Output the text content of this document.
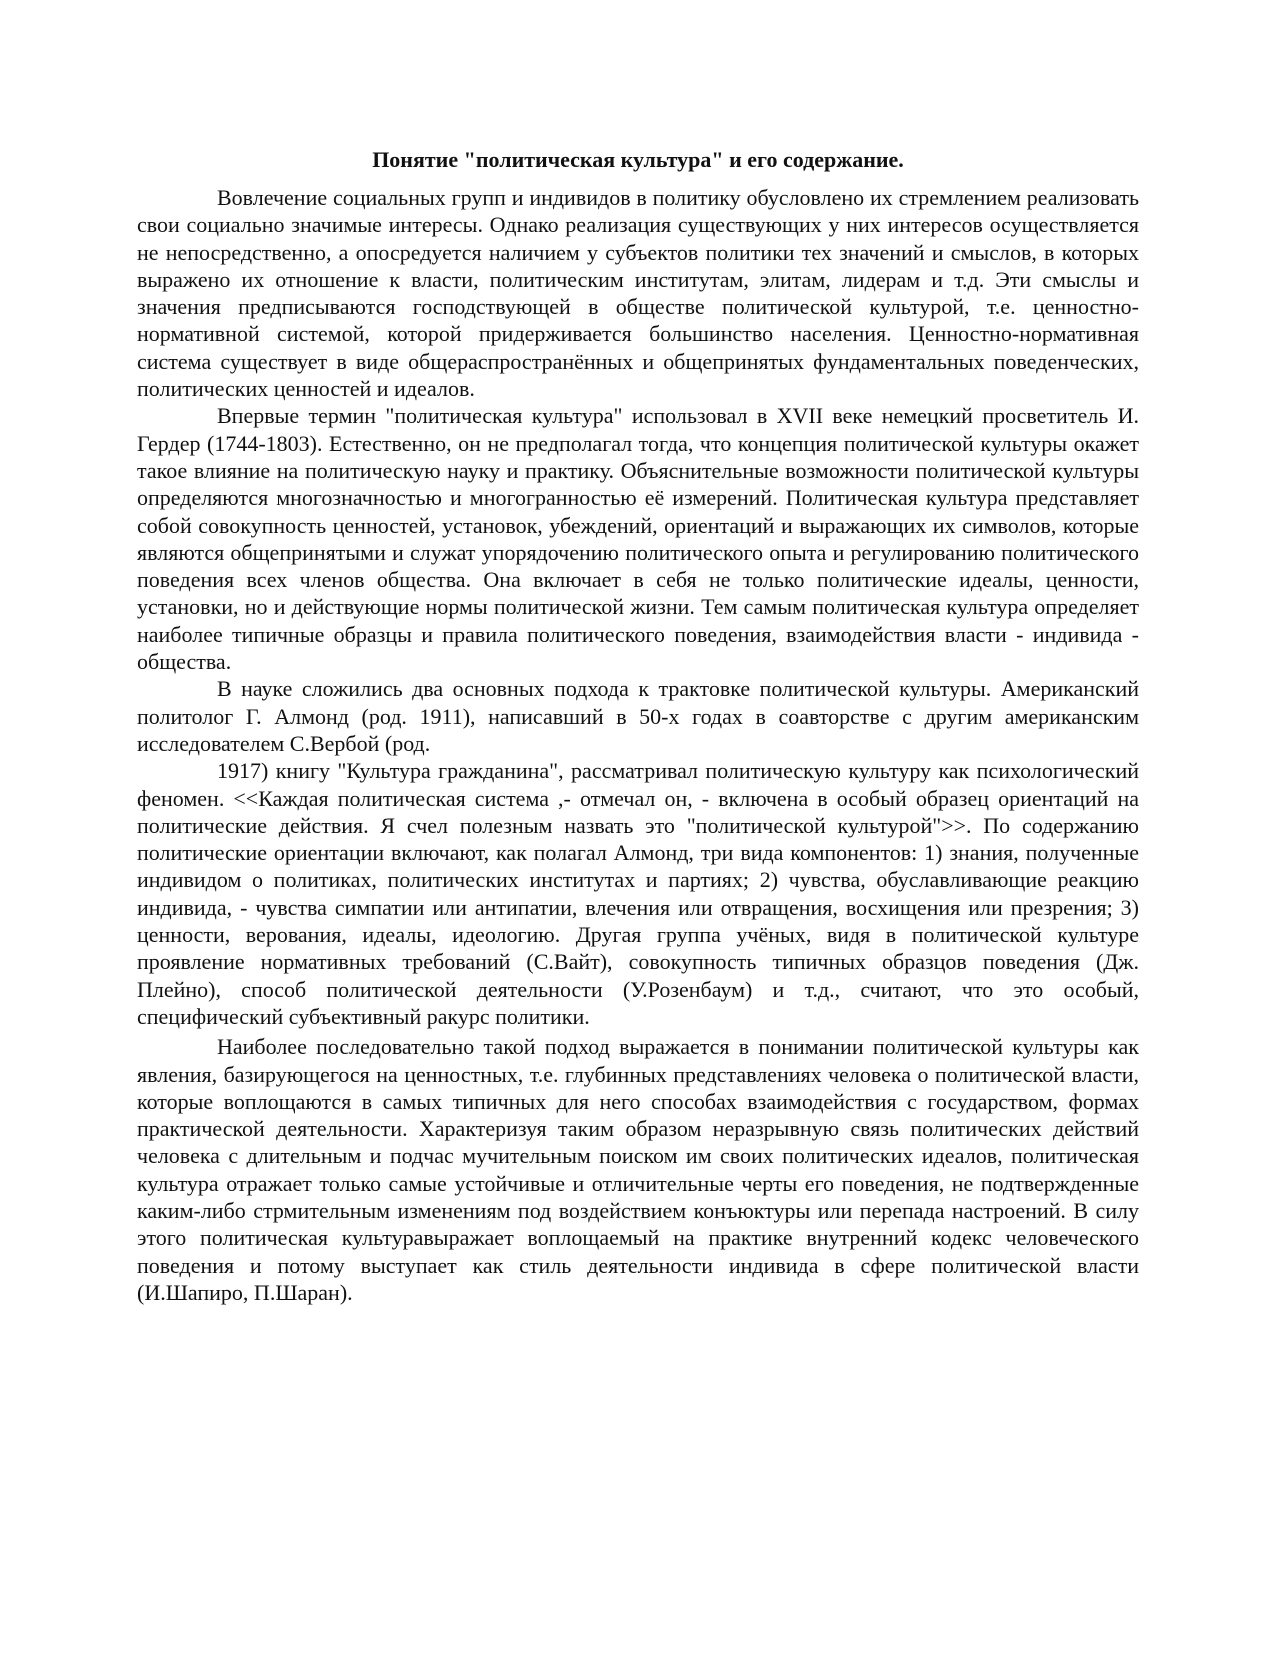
Понятие "политическая культура" и его содержание.

Вовлечение социальных групп и индивидов в политику обусловлено их стремлением реализовать свои социально значимые интересы. Однако реализация существующих у них интересов осуществляется не непосредственно, а опосредуется наличием у субъектов политики тех значений и смыслов, в которых выражено их отношение к власти, политическим институтам, элитам, лидерам и т.д. Эти смыслы и значения предписываются господствующей в обществе политической культурой, т.е. ценностно-нормативной системой, которой придерживается большинство населения. Ценностно-нормативная система существует в виде общераспространённых и общепринятых фундаментальных поведенческих, политических ценностей и идеалов.

Впервые термин "политическая культура" использовал в XVII веке немецкий просветитель И. Гердер (1744-1803). Естественно, он не предполагал тогда, что концепция политической культуры окажет такое влияние на политическую науку и практику. Объяснительные возможности политической культуры определяются многозначностью и многогранностью её измерений. Политическая культура представляет собой совокупность ценностей, установок, убеждений, ориентаций и выражающих их символов, которые являются общепринятыми и служат упорядочению политического опыта и регулированию политического поведения всех членов общества. Она включает в себя не только политические идеалы, ценности, установки, но и действующие нормы политической жизни. Тем самым политическая культура определяет наиболее типичные образцы и правила политического поведения, взаимодействия власти - индивида - общества.

В науке сложились два основных подхода к трактовке политической культуры. Американский политолог Г. Алмонд (род. 1911), написавший в 50-х годах в соавторстве с другим американским исследователем С.Вербой (род.

1917) книгу "Культура гражданина", рассматривал политическую культуру как психологический феномен. <<Каждая политическая система ,- отмечал он, - включена в особый образец ориентаций на политические действия. Я счел полезным назвать это "политической культурой">>. По содержанию политические ориентации включают, как полагал Алмонд, три вида компонентов: 1) знания, полученные индивидом о политиках, политических институтах и партиях; 2) чувства, обуславливающие реакцию индивида, - чувства симпатии или антипатии, влечения или отвращения, восхищения или презрения; 3) ценности, верования, идеалы, идеологию. Другая группа учёных, видя в политической культуре проявление нормативных требований (С.Вайт), совокупность типичных образцов поведения (Дж. Плейно), способ политической деятельности (У.Розенбаум) и т.д., считают, что это особый, специфический субъективный ракурс политики.

Наиболее последовательно такой подход выражается в понимании политической культуры как явления, базирующегося на ценностных, т.е. глубинных представлениях человека о политической власти, которые воплощаются в самых типичных для него способах взаимодействия с государством, формах практической деятельности. Характеризуя таким образом неразрывную связь политических действий человека с длительным и подчас мучительным поиском им своих политических идеалов, политическая культура отражает только самые устойчивые и отличительные черты его поведения, не подтвержденные каким-либо стрмительным изменениям под воздействием конъюктуры или перепада настроений. В силу этого политическая культуравыражает воплощаемый на практике внутренний кодекс человеческого поведения и потому выступает как стиль деятельности индивида в сфере политической власти (И.Шапиро, П.Шаран).
